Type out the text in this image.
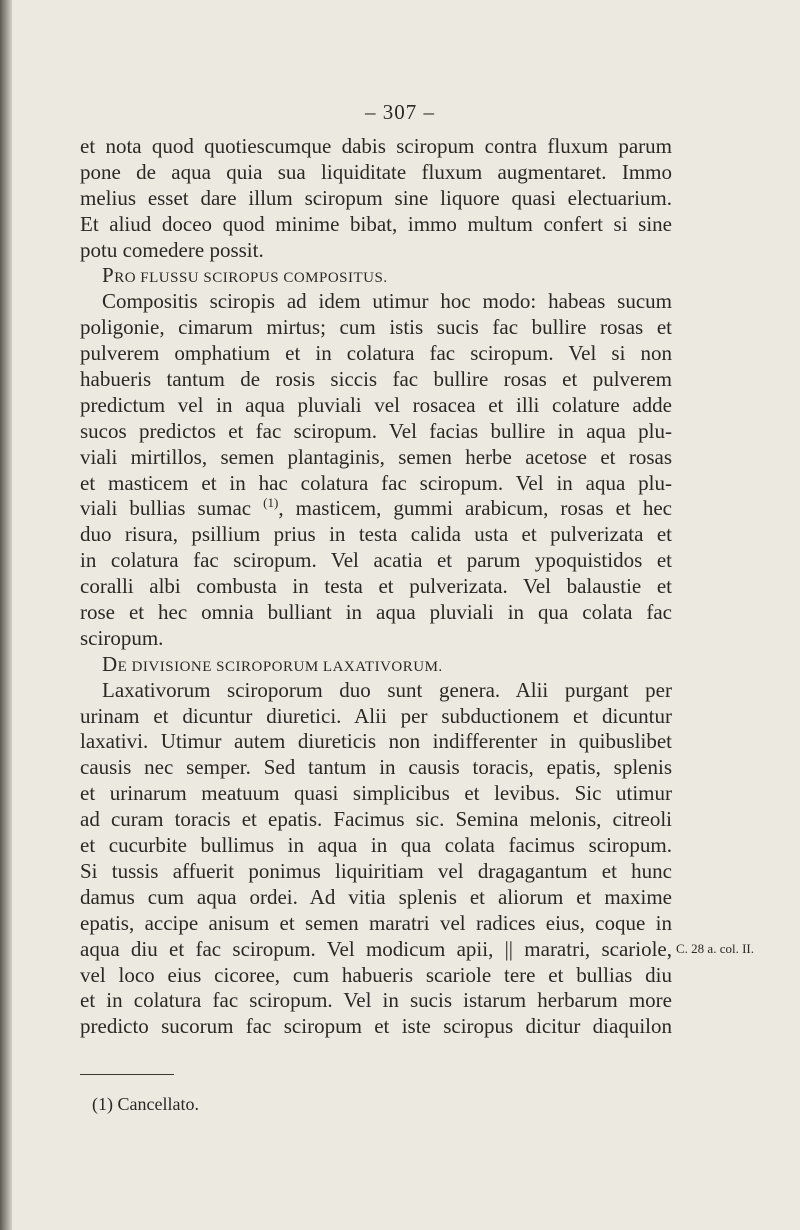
– 307 –

et nota quod quotiescumque dabis sciropum contra fluxum parum
pone de aqua quia sua liquiditate fluxum augmentaret. Immo
melius esset dare illum sciropum sine liquore quasi electuarium.
Et aliud doceo quod minime bibat, immo multum confert si sine
potu comedere possit.
PRO FLUSSU SCIROPUS COMPOSITUS.
Compositis sciropis ad idem utimur hoc modo: habeas sucum
poligonie, cimarum mirtus; cum istis sucis fac bullire rosas et
pulverem omphatium et in colatura fac sciropum. Vel si non
habueris tantum de rosis siccis fac bullire rosas et pulverem
predictum vel in aqua pluviali vel rosacea et illi colature adde
sucos predictos et fac sciropum. Vel facias bullire in aqua plu-
viali mirtillos, semen plantaginis, semen herbe acetose et rosas
et masticem et in hac colatura fac sciropum. Vel in aqua plu-
viali bullias sumac $^{(1)}$, masticem, gummi arabicum, rosas et hec
duo risura, psillium prius in testa calida usta et pulverizata et
in colatura fac sciropum. Vel acatia et parum ypoquistidos et
coralli albi combusta in testa et pulverizata. Vel balaustie et
rose et hec omnia bulliant in aqua pluviali in qua colata fac
sciropum.
DE DIVISIONE SCIROPORUM LAXATIVORUM.
Laxativorum sciroporum duo sunt genera. Alii purgant per
urinam et dicuntur diuretici. Alii per subductionem et dicuntur
laxativi. Utimur autem diureticis non indifferenter in quibuslibet
causis nec semper. Sed tantum in causis toracis, epatis, splenis
et urinarum meatuum quasi simplicibus et levibus. Sic utimur
ad curam toracis et epatis. Facimus sic. Semina melonis, citreoli
et cucurbite bullimus in aqua in qua colata facimus sciropum.
Si tussis affuerit ponimus liquiritiam vel dragagantum et hunc
damus cum aqua ordei. Ad vitia splenis et aliorum et maxime
epatis, accipe anisum et semen maratri vel radices eius, coque in
aqua diu et fac sciropum. Vel modicum apii, || maratri, scariole,
vel loco eius cicoree, cum habueris scariole tere et bullias diu
et in colatura fac sciropum. Vel in sucis istarum herbarum more
predicto sucorum fac sciropum et iste sciropus dicitur diaquilon
C. 28 a. col. II.
(1) Cancellato.
